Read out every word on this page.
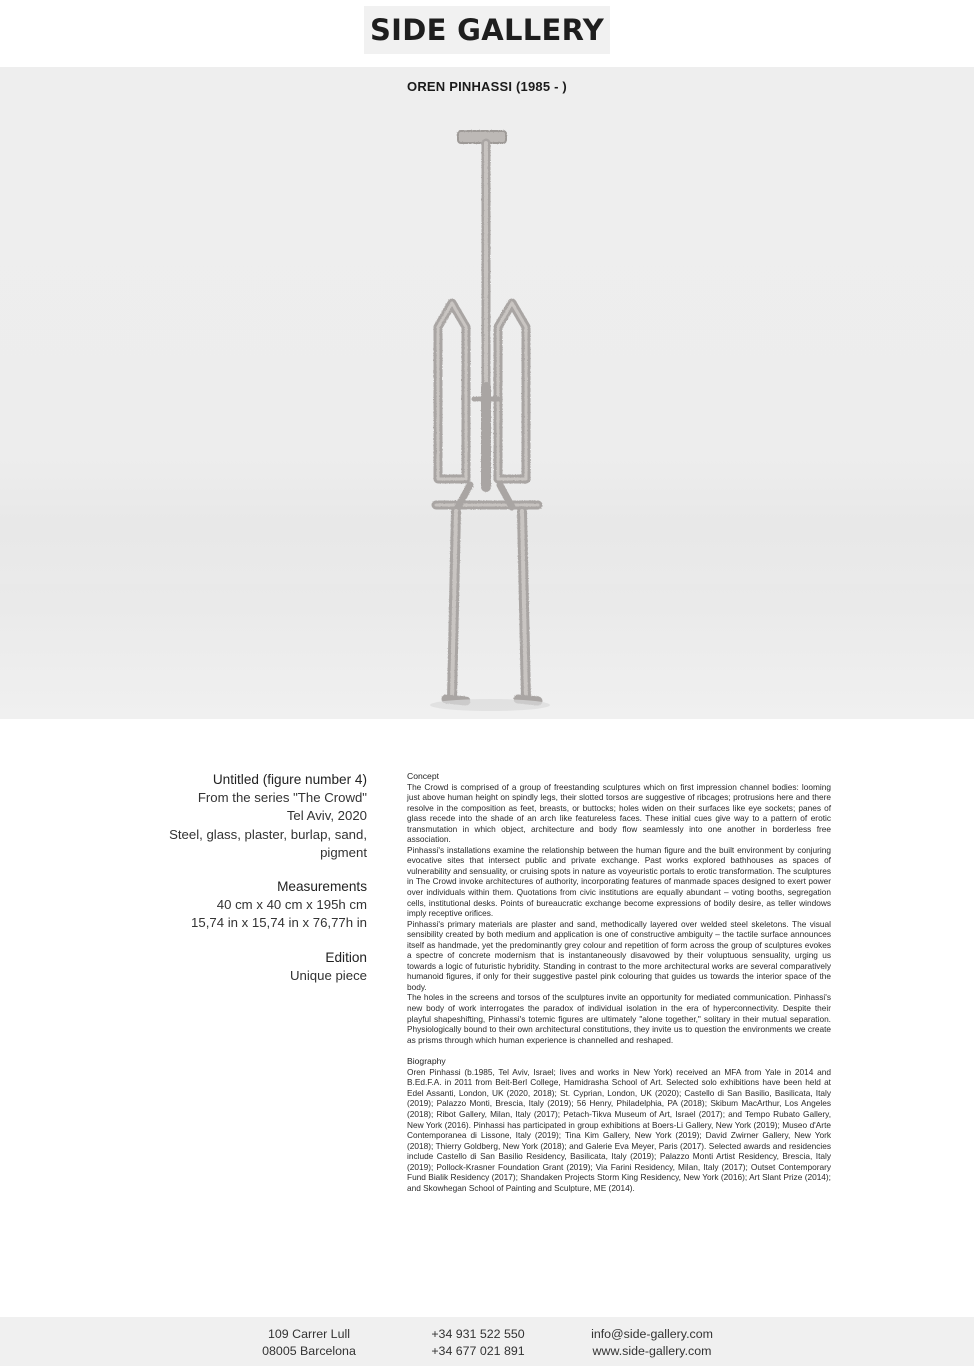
SIDE GALLERY
OREN PINHASSI (1985 - )
Untitled (figure number 4)
From the series "The Crowd"
Tel Aviv, 2020
Steel, glass, plaster, burlap, sand,
pigment
Measurements
40 cm x 40 cm x 195h cm
15,74 in x 15,74 in x 76,77h in
Edition
Unique piece
Concept

The Crowd is comprised of a group of freestanding sculptures which on first impression channel bodies: looming just above human height on spindly legs, their slotted torsos are suggestive of ribcages; protrusions here and there resolve in the composition as feet, breasts, or buttocks; holes widen on their surfaces like eye sockets; panes of glass recede into the shade of an arch like featureless faces. These initial cues give way to a pattern of erotic transmutation in which object, architecture and body flow seamlessly into one another in borderless free association.

Pinhassi's installations examine the relationship between the human figure and the built environment by conjuring evocative sites that intersect public and private exchange. Past works explored bathhouses as spaces of vulnerability and sensuality, or cruising spots in nature as voyeuristic portals to erotic transformation. The sculptures in The Crowd invoke architectures of authority, incorporating features of manmade spaces designed to exert power over individuals within them. Quotations from civic institutions are equally abundant – voting booths, segregation cells, institutional desks. Points of bureaucratic exchange become expressions of bodily desire, as teller windows imply receptive orifices.

Pinhassi's primary materials are plaster and sand, methodically layered over welded steel skeletons. The visual sensibility created by both medium and application is one of constructive ambiguity – the tactile surface announces itself as handmade, yet the predominantly grey colour and repetition of form across the group of sculptures evokes a spectre of concrete modernism that is instantaneously disavowed by their voluptuous sensuality, urging us towards a logic of futuristic hybridity. Standing in contrast to the more architectural works are several comparatively humanoid figures, if only for their suggestive pastel pink colouring that guides us towards the interior space of the body.

The holes in the screens and torsos of the sculptures invite an opportunity for mediated communication. Pinhassi's new body of work interrogates the paradox of individual isolation in the era of hyperconnectivity. Despite their playful shapeshifting, Pinhassi's totemic figures are ultimately "alone together," solitary in their mutual separation. Physiologically bound to their own architectural constitutions, they invite us to question the environments we create as prisms through which human experience is channelled and reshaped.

Biography

Oren Pinhassi (b.1985, Tel Aviv, Israel; lives and works in New York) received an MFA from Yale in 2014 and B.Ed.F.A. in 2011 from Beit-Berl College, Hamidrasha School of Art. Selected solo exhibitions have been held at Edel Assanti, London, UK (2020, 2018); St. Cyprian, London, UK (2020); Castello di San Basilio, Basilicata, Italy (2019); Palazzo Monti, Brescia, Italy (2019); 56 Henry, Philadelphia, PA (2018); Skibum MacArthur, Los Angeles (2018); Ribot Gallery, Milan, Italy (2017); Petach-Tikva Museum of Art, Israel (2017); and Tempo Rubato Gallery, New York (2016). Pinhassi has participated in group exhibitions at Boers-Li Gallery, New York (2019); Museo d'Arte Contemporanea di Lissone, Italy (2019); Tina Kim Gallery, New York (2019); David Zwirner Gallery, New York (2018); Thierry Goldberg, New York (2018); and Galerie Eva Meyer, Paris (2017). Selected awards and residencies include Castello di San Basilio Residency, Basilicata, Italy (2019); Palazzo Monti Artist Residency, Brescia, Italy (2019); Pollock-Krasner Foundation Grant (2019); Via Farini Residency, Milan, Italy (2017); Outset Contemporary Fund Bialik Residency (2017); Shandaken Projects Storm King Residency, New York (2016); Art Slant Prize (2014); and Skowhegan School of Painting and Sculpture, ME (2014).

109 Carrer Lull
08005 Barcelona
+34 931 522 550
+34 677 021 891
info@side-gallery.com
www.side-gallery.com
